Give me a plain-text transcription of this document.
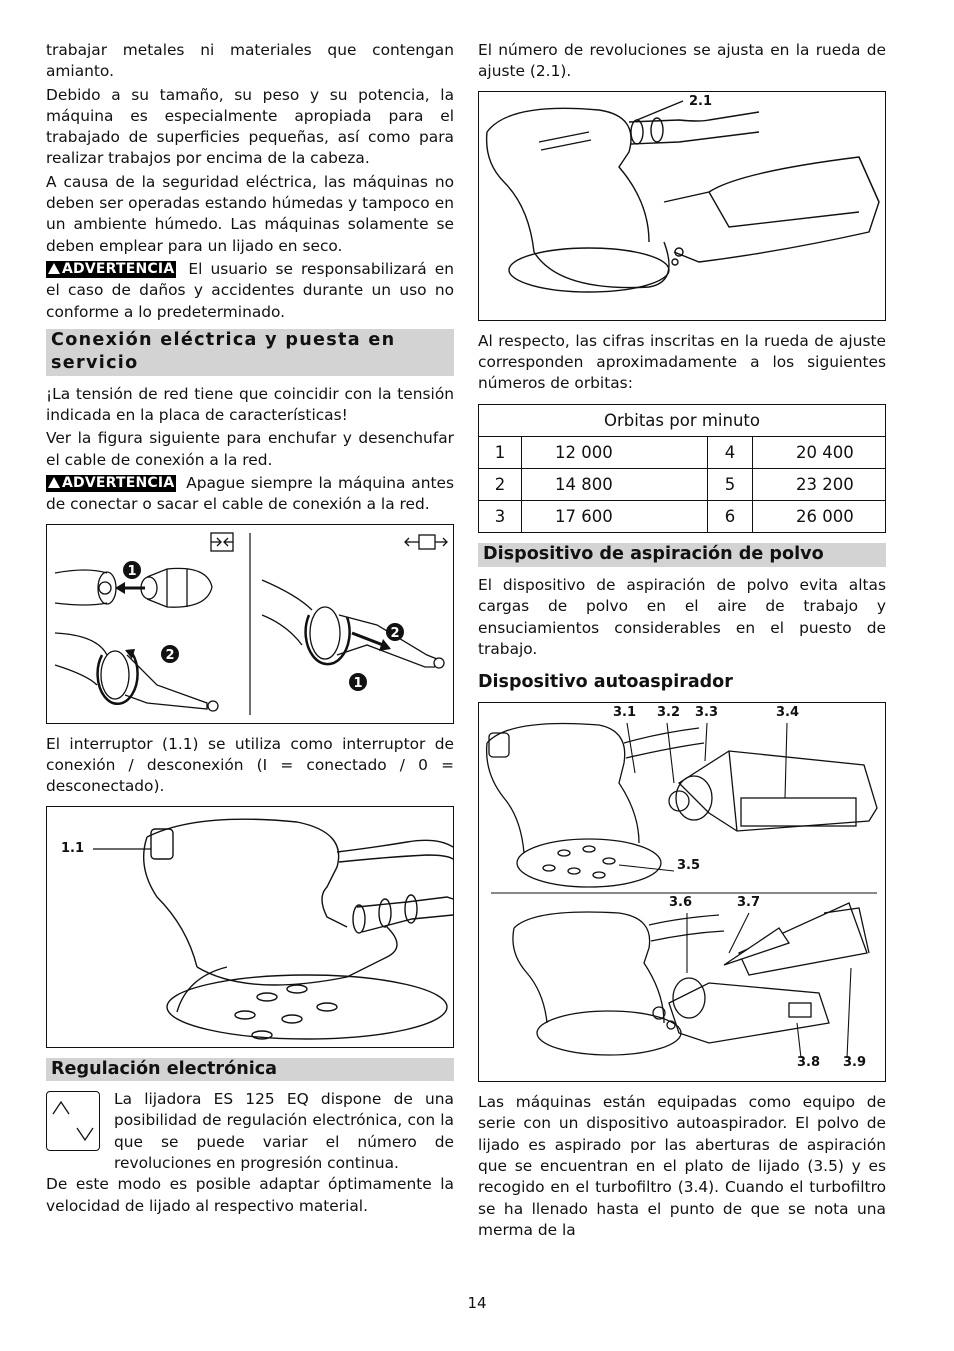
trabajar metales ni materiales que contengan amianto.

Debido a su tamaño, su peso y su potencia, la máquina es especialmente apropiada para el trabajado de superficies pequeñas, así como para realizar trabajos por encima de la cabeza.

A causa de la seguridad eléctrica, las máquinas no deben ser operadas estando húmedas y tampoco en un ambiente húmedo. Las máquinas solamente se deben emplear para un lijado en seco.

ADVERTENCIA El usuario se responsabilizará en el caso de daños y accidentes durante un uso no conforme a lo predeterminado.

Conexión eléctrica y puesta en servicio

¡La tensión de red tiene que coincidir con la tensión indicada en la placa de características!

Ver la figura siguiente para enchufar y desenchufar el cable de conexión a la red.

ADVERTENCIA Apague siempre la máquina antes de conectar o sacar el cable de conexión a la red.

1
2
2
1

El interruptor (1.1) se utiliza como interruptor de conexión / desconexión (I = conectado / 0 = desconectado).

1.1
Regulación electrónica

La lijadora ES 125 EQ dispone de una posibilidad de regulación electrónica, con la que se puede variar el número de revoluciones en progresión continua.

De este modo es posible adaptar óptimamente la velocidad de lijado al respectivo material.

El número de revoluciones se ajusta en la rueda de ajuste (2.1).

2.1

Al respecto, las cifras inscritas en la rueda de ajuste corresponden aproximadamente a los siguientes números de orbitas:

Orbitas por minuto			
1	12 000	4	20 400
2	14 800	5	23 200
3	17 600	6	26 000
Dispositivo de aspiración de polvo

El dispositivo de aspiración de polvo evita altas cargas de polvo en el aire de trabajo y ensuciamientos considerables en el puesto de trabajo.

Dispositivo autoaspirador
3.1 3.2 3.3	3.4
3.5
3.6	3.7
3.8 3.9

Las máquinas están equipadas como equipo de serie con un dispositivo autoaspirador. El polvo de lijado es aspirado por las aberturas de aspiración que se encuentran en el plato de lijado (3.5) y es recogido en el turbofiltro (3.4). Cuando el turbofiltro se ha llenado hasta el punto de que se nota una merma de la

14
